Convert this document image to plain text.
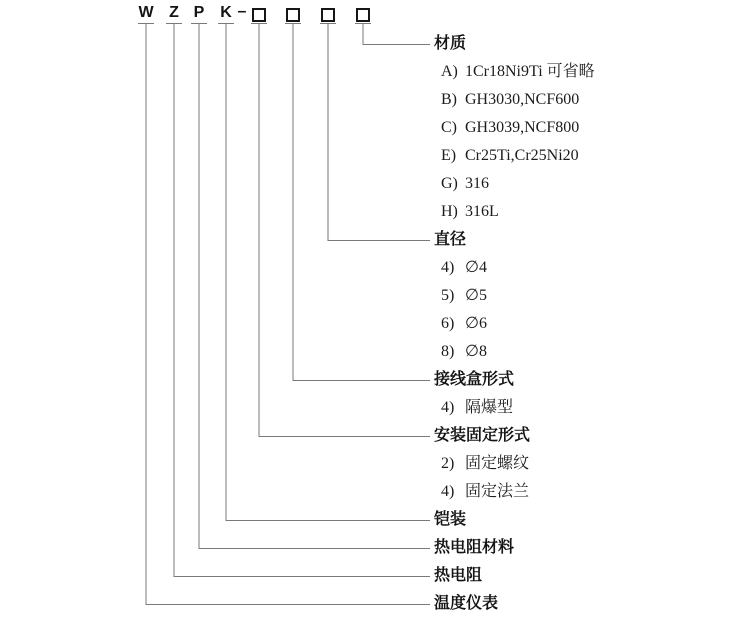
W Z P K –
材质
A) 1Cr18Ni9Ti 可省略
B) GH3030,NCF600
C) GH3039,NCF800
E) Cr25Ti,Cr25Ni20
G) 316
H) 316L
直径
4) ∅4
5) ∅5
6) ∅6
8) ∅8
接线盒形式
4) 隔爆型
安装固定形式
2) 固定螺纹
4) 固定法兰
铠装
热电阻材料
热电阻
温度仪表
